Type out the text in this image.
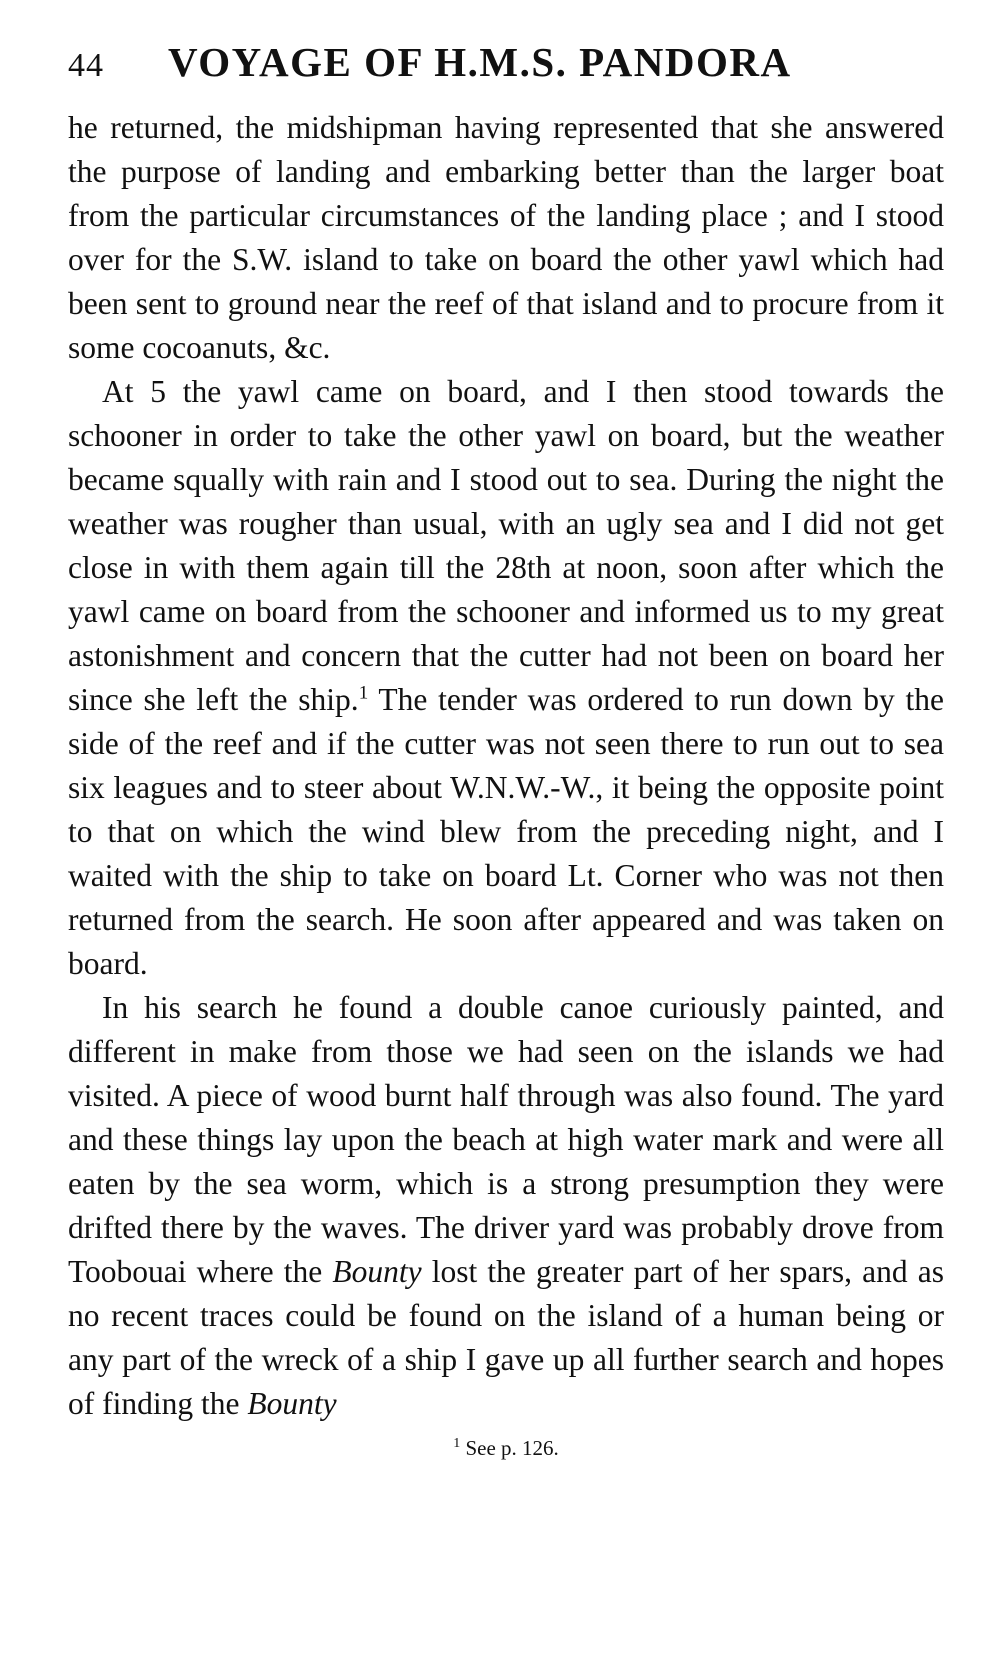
44	VOYAGE OF H.M.S. PANDORA

he returned, the midshipman having represented that she answered the purpose of landing and embarking better than the larger boat from the particular circumstances of the landing place ; and I stood over for the S.W. island to take on board the other yawl which had been sent to ground near the reef of that island and to procure from it some cocoanuts, &c.

At 5 the yawl came on board, and I then stood towards the schooner in order to take the other yawl on board, but the weather became squally with rain and I stood out to sea. During the night the weather was rougher than usual, with an ugly sea and I did not get close in with them again till the 28th at noon, soon after which the yawl came on board from the schooner and informed us to my great astonishment and concern that the cutter had not been on board her since she left the ship.$^1$ The tender was ordered to run down by the side of the reef and if the cutter was not seen there to run out to sea six leagues and to steer about W.N.W.-W., it being the opposite point to that on which the wind blew from the preceding night, and I waited with the ship to take on board Lt. Corner who was not then returned from the search. He soon after appeared and was taken on board.

In his search he found a double canoe curiously painted, and different in make from those we had seen on the islands we had visited. A piece of wood burnt half through was also found. The yard and these things lay upon the beach at high water mark and were all eaten by the sea worm, which is a strong presumption they were drifted there by the waves. The driver yard was probably drove from Toobouai where the Bounty lost the greater part of her spars, and as no recent traces could be found on the island of a human being or any part of the wreck of a ship I gave up all further search and hopes of finding the Bounty

$^1$ See p. 126.
